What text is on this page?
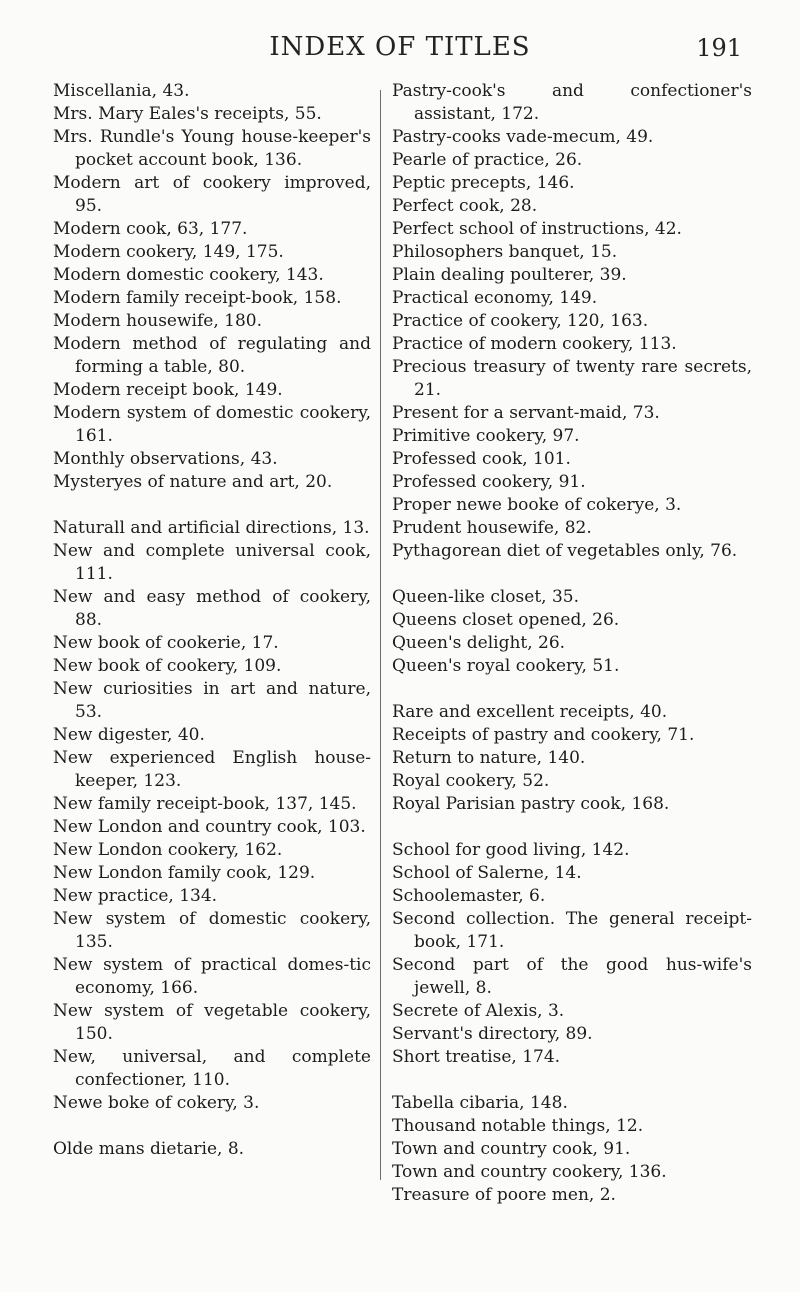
INDEX OF TITLES	191

Miscellania, 43.

Mrs. Mary Eales's receipts, 55.

Mrs. Rundle's Young house-keeper's pocket account book, 136.

Modern art of cookery improved, 95.

Modern cook, 63, 177.

Modern cookery, 149, 175.

Modern domestic cookery, 143.

Modern family receipt-book, 158.

Modern housewife, 180.

Modern method of regulating and forming a table, 80.

Modern receipt book, 149.

Modern system of domestic cookery, 161.

Monthly observations, 43.

Mysteryes of nature and art, 20.

Naturall and artificial directions, 13.

New and complete universal cook, 111.

New and easy method of cookery, 88.

New book of cookerie, 17.

New book of cookery, 109.

New curiosities in art and nature, 53.

New digester, 40.

New experienced English house-keeper, 123.

New family receipt-book, 137, 145.

New London and country cook, 103.

New London cookery, 162.

New London family cook, 129.

New practice, 134.

New system of domestic cookery, 135.

New system of practical domes-tic economy, 166.

New system of vegetable cookery, 150.

New, universal, and complete confectioner, 110.

Newe boke of cokery, 3.

Olde mans dietarie, 8.

Pastry-cook's and confectioner's assistant, 172.

Pastry-cooks vade-mecum, 49.

Pearle of practice, 26.

Peptic precepts, 146.

Perfect cook, 28.

Perfect school of instructions, 42.

Philosophers banquet, 15.

Plain dealing poulterer, 39.

Practical economy, 149.

Practice of cookery, 120, 163.

Practice of modern cookery, 113.

Precious treasury of twenty rare secrets, 21.

Present for a servant-maid, 73.

Primitive cookery, 97.

Professed cook, 101.

Professed cookery, 91.

Proper newe booke of cokerye, 3.

Prudent housewife, 82.

Pythagorean diet of vegetables only, 76.

Queen-like closet, 35.

Queens closet opened, 26.

Queen's delight, 26.

Queen's royal cookery, 51.

Rare and excellent receipts, 40.

Receipts of pastry and cookery, 71.

Return to nature, 140.

Royal cookery, 52.

Royal Parisian pastry cook, 168.

School for good living, 142.

School of Salerne, 14.

Schoolemaster, 6.

Second collection. The general receipt-book, 171.

Second part of the good hus-wife's jewell, 8.

Secrete of Alexis, 3.

Servant's directory, 89.

Short treatise, 174.

Tabella cibaria, 148.

Thousand notable things, 12.

Town and country cook, 91.

Town and country cookery, 136.

Treasure of poore men, 2.
